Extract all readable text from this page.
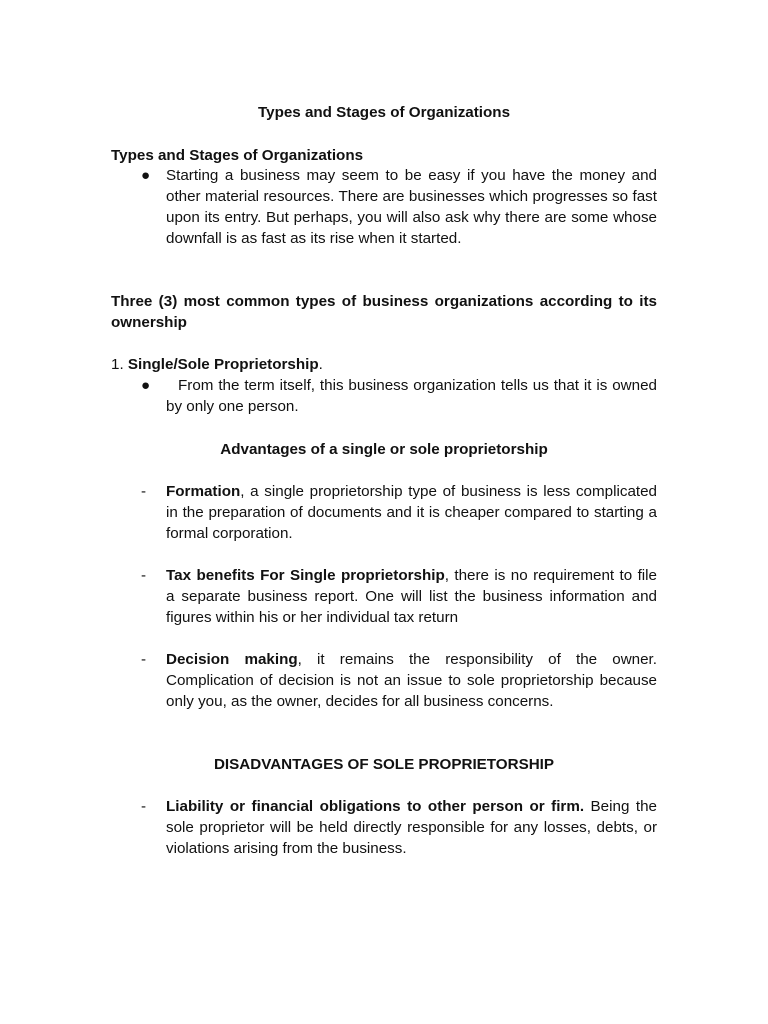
Types and Stages of Organizations
Types and Stages of Organizations
● Starting a business may seem to be easy if you have the money and other material resources. There are businesses which progresses so fast upon its entry. But perhaps, you will also ask why there are some whose downfall is as fast as its rise when it started.
Three (3) most common types of business organizations according to its ownership
1. Single/Sole Proprietorship.
●	From the term itself, this business organization tells us that it is owned by only one person.
Advantages of a single or sole proprietorship
- Formation, a single proprietorship type of business is less complicated in the preparation of documents and it is cheaper compared to starting a formal corporation.
- Tax benefits For Single proprietorship, there is no requirement to file a separate business report. One will list the business information and figures within his or her individual tax return
- Decision making, it remains the responsibility of the owner. Complication of decision is not an issue to sole proprietorship because only you, as the owner, decides for all business concerns.
DISADVANTAGES OF SOLE PROPRIETORSHIP
- Liability or financial obligations to other person or firm. Being the sole proprietor will be held directly responsible for any losses, debts, or violations arising from the business.
